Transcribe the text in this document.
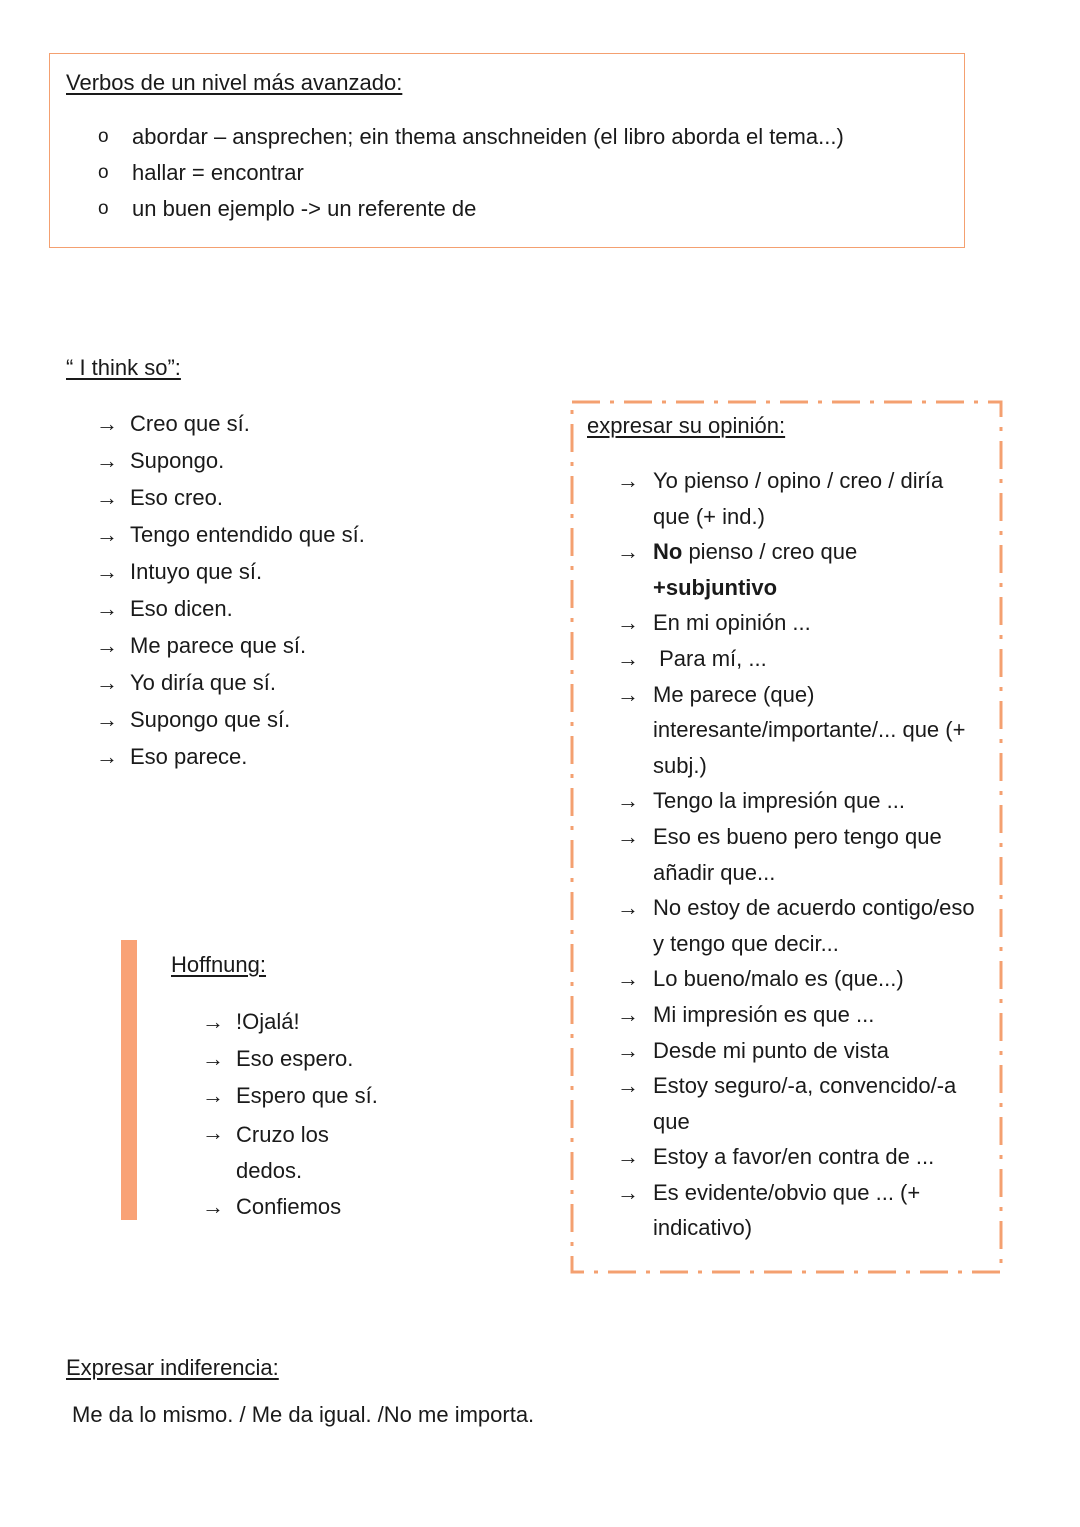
Verbos de un nivel más avanzado:
o	abordar – ansprechen; ein thema anschneiden (el libro aborda el tema...)
o	hallar = encontrar
o	un buen ejemplo -> un referente de
“ I think so”:
→ Creo que sí.
→ Supongo.
→ Eso creo.
→ Tengo entendido que sí.
→ Intuyo que sí.
→ Eso dicen.
→ Me parece que sí.
→ Yo diría que sí.
→ Supongo que sí.
→ Eso parece.
Hoffnung:
→ !Ojalá!
→ Eso espero.
→ Espero que sí.
→ Cruzo los dedos.
→ Confiemos
expresar su opinión:
→ Yo pienso / opino / creo / diría que (+ ind.)
→ No pienso / creo que +subjuntivo
→ En mi opinión ...
→ Para mí, ...
→ Me parece (que) interesante/importante/... que (+ subj.)
→ Tengo la impresión que ...
→ Eso es bueno pero tengo que añadir que...
→ No estoy de acuerdo contigo/eso y tengo que decir...
→ Lo bueno/malo es (que...)
→ Mi impresión es que ...
→ Desde mi punto de vista
→ Estoy seguro/-a, convencido/-a que
→ Estoy a favor/en contra de ...
→ Es evidente/obvio que ... (+ indicativo)
Expresar indiferencia:
Me da lo mismo. / Me da igual. /No me importa.
